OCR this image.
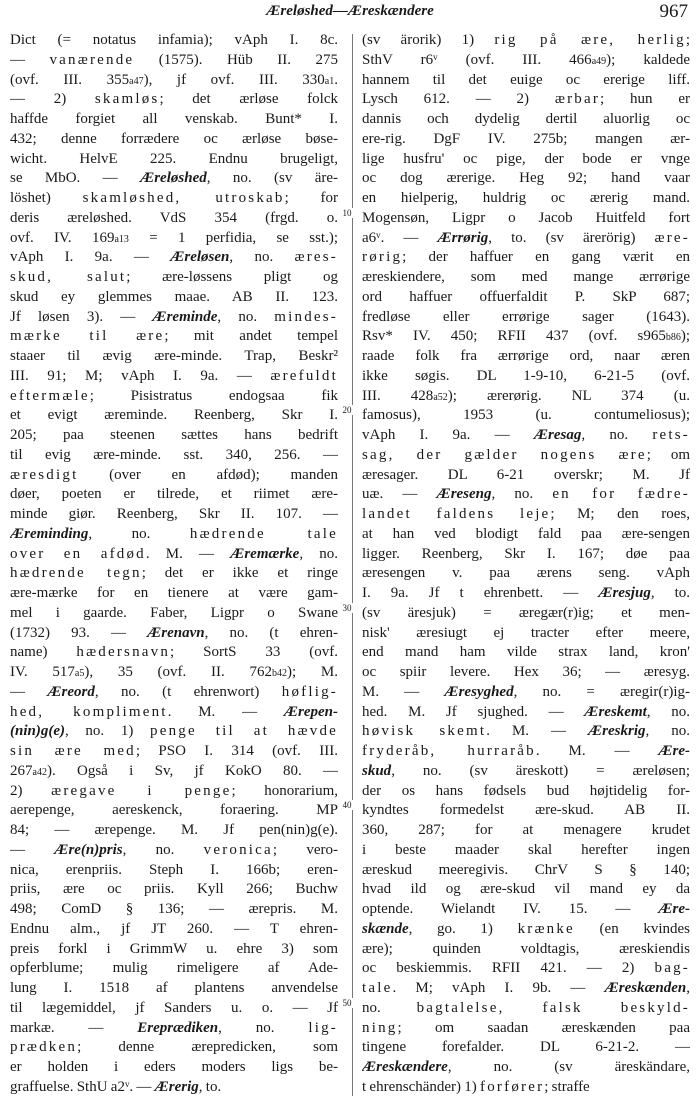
Æreløshed—Æreskændere	967
Dict (= notatus infamia); vAph I. 8c.
— vanærende (1575). Hüb II. 275
(ovf. III. 355a47), jf ovf. III. 330a1.
— 2) skamløs; det ærløse folck
haffde forgiet all venskab. Bunt* I.
432; denne forrædere oc ærløse bøse-
wicht. HelvE 225. Endnu brugeligt,
se MbO. — Æreløshed, no. (sv äre-
löshet) skamløshed, utroskab; for
deris æreløshed. VdS 354 (frgd. o.
ovf. IV. 169a13 = 1 perfidia, se sst.);
vAph I. 9a. — Æreløsen, no. æres-
skud, salut; ære-løssens pligt og
skud ey glemmes maae. AB II. 123.
Jf løsen 3). — Æreminde, no. mindes-
mærke til ære; mit andet tempel
staaer til ævig ære-minde. Trap, Beskr²
III. 91; M; vAph I. 9a. — ærefuldt
eftermæle; Pisistratus endogsaa fik
et evigt æreminde. Reenberg, Skr I.
205; paa steenen sættes hans bedrift
til evig ære-minde. sst. 340, 256. —
æresdigt (over en afdød); manden
døer, poeten er tilrede, et riimet ære-
minde giør. Reenberg, Skr II. 107. —
Æreminding, no. hædrende tale
over en afdød. M. — Æremærke, no.
hædrende tegn; det er ikke et ringe
ære-mærke for en tienere at være gam-
mel i gaarde. Faber, Ligpr o Swane
(1732) 93. — Ærenavn, no. (t ehren-
name) hædersnavn; SortS 33 (ovf.
IV. 517a5), 35 (ovf. II. 762b42); M.
— Æreord, no. (t ehrenwort) høflig-
hed, kompliment. M. — Ærepen-
(nin)g(e), no. 1) penge til at hævde
sin ære med; PSO I. 314 (ovf. III.
267a42). Også i Sv, jf KokO 80. —
2) æregave i penge; honorarium,
aerepenge, aereskenck, foraering. MP
84; — ærepenge. M. Jf pen(nin)g(e).
— Ære(n)pris, no. veronica; vero-
nica, erenpriis. Steph I. 166b; eren-
priis, ære oc priis. Kyll 266; Buchw
498; ComD § 136; — ærepris. M.
Endnu alm., jf JT 260. — T ehren-
preis forkl i GrimmW u. ehre 3) som
opferblume; mulig rimeligere af Ade-
lung I. 1518 af plantens anvendelse
til lægemiddel, jf Sanders u. o. — Jf
markæ. — Ereprædiken, no. lig-
prædken; denne ærepredicken, som
er holden i eders moders ligs be-
graffuelse. SthU a2ᵛ. — Ærerig, to.
(sv ärorik) 1) rig på ære, herlig;
SthV r6ᵛ (ovf. III. 466a49); kaldede
hannem til det euige oc ererige liff.
Lysch 612. — 2) ærbar; hun er
dannis och dydelig dertil aluorlig oc
ere-rig. DgF IV. 275b; mangen ær-
lige husfru' oc pige, der bode er vnge
oc dog ærerige. Heg 92; hand vaar
en hielperig, huldrig oc ærerig mand.
Mogensøn, Ligpr o Jacob Huitfeld fort
a6ᵛ. — Ærrørig, to. (sv ärerörig) ære-
rørig; der haffuer en gang værit en
æreskiendere, som med mange ærrørige
ord haffuer offuerfaldit P. SkP 687;
fredløse eller errørige sager (1643).
Rsv* IV. 450; RFII 437 (ovf. s965b86);
raade folk fra ærrørige ord, naar æren
ikke søgis. DL 1-9-10, 6-21-5 (ovf.
III. 428a52); ærerørig. NL 374 (u.
famosus), 1953 (u. contumeliosus);
vAph I. 9a. — Æresag, no. rets-
sag, der gælder nogens ære; om
æresager. DL 6-21 overskr; M. Jf
uæ. — Æreseng, no. en for fædre-
landet faldens leje; M; den roes,
at han ved blodigt fald paa ære-sengen
ligger. Reenberg, Skr I. 167; døe paa
æresengen v. paa ærens seng. vAph
I. 9a. Jf t ehrenbett. — Æresjug, to.
(sv äresjuk) = æregær(r)ig; et men-
nisk' æresiugt ej tracter efter meere,
end mand ham vilde strax land, kron'
oc spiir levere. Hex 36; — æresyg.
M. — Æresyghed, no. = æregir(r)ig-
hed. M. Jf sjughed. — Æreskemt, no.
høvisk skemt. M. — Æreskrig, no.
fryderåb, hurraråb. M. — Ære-
skud, no. (sv äreskott) = æreløsen;
der os hans fødsels bud højtidelig for-
kyndtes formedelst ære-skud. AB II.
360, 287; for at menagere krudet
i beste maader skal herefter ingen
æreskud meeregivis. ChrV S § 140;
hvad ild og ære-skud vil mand ey da
optende. Wielandt IV. 15. — Ære-
skænde, go. 1) krænke (en kvindes
ære); quinden voldtagis, æreskiendis
oc beskiemmis. RFII 421. — 2) bag-
tale. M; vAph I. 9b. — Æreskænden,
no. bagtalelse, falsk beskyld-
ning; om saadan æreskænden paa
tingene forefalder. DL 6-21-2. —
Æreskændere, no. (sv äreskändare,
t ehrenschänder) 1) forfører; straffe
10
20
30
40
50
